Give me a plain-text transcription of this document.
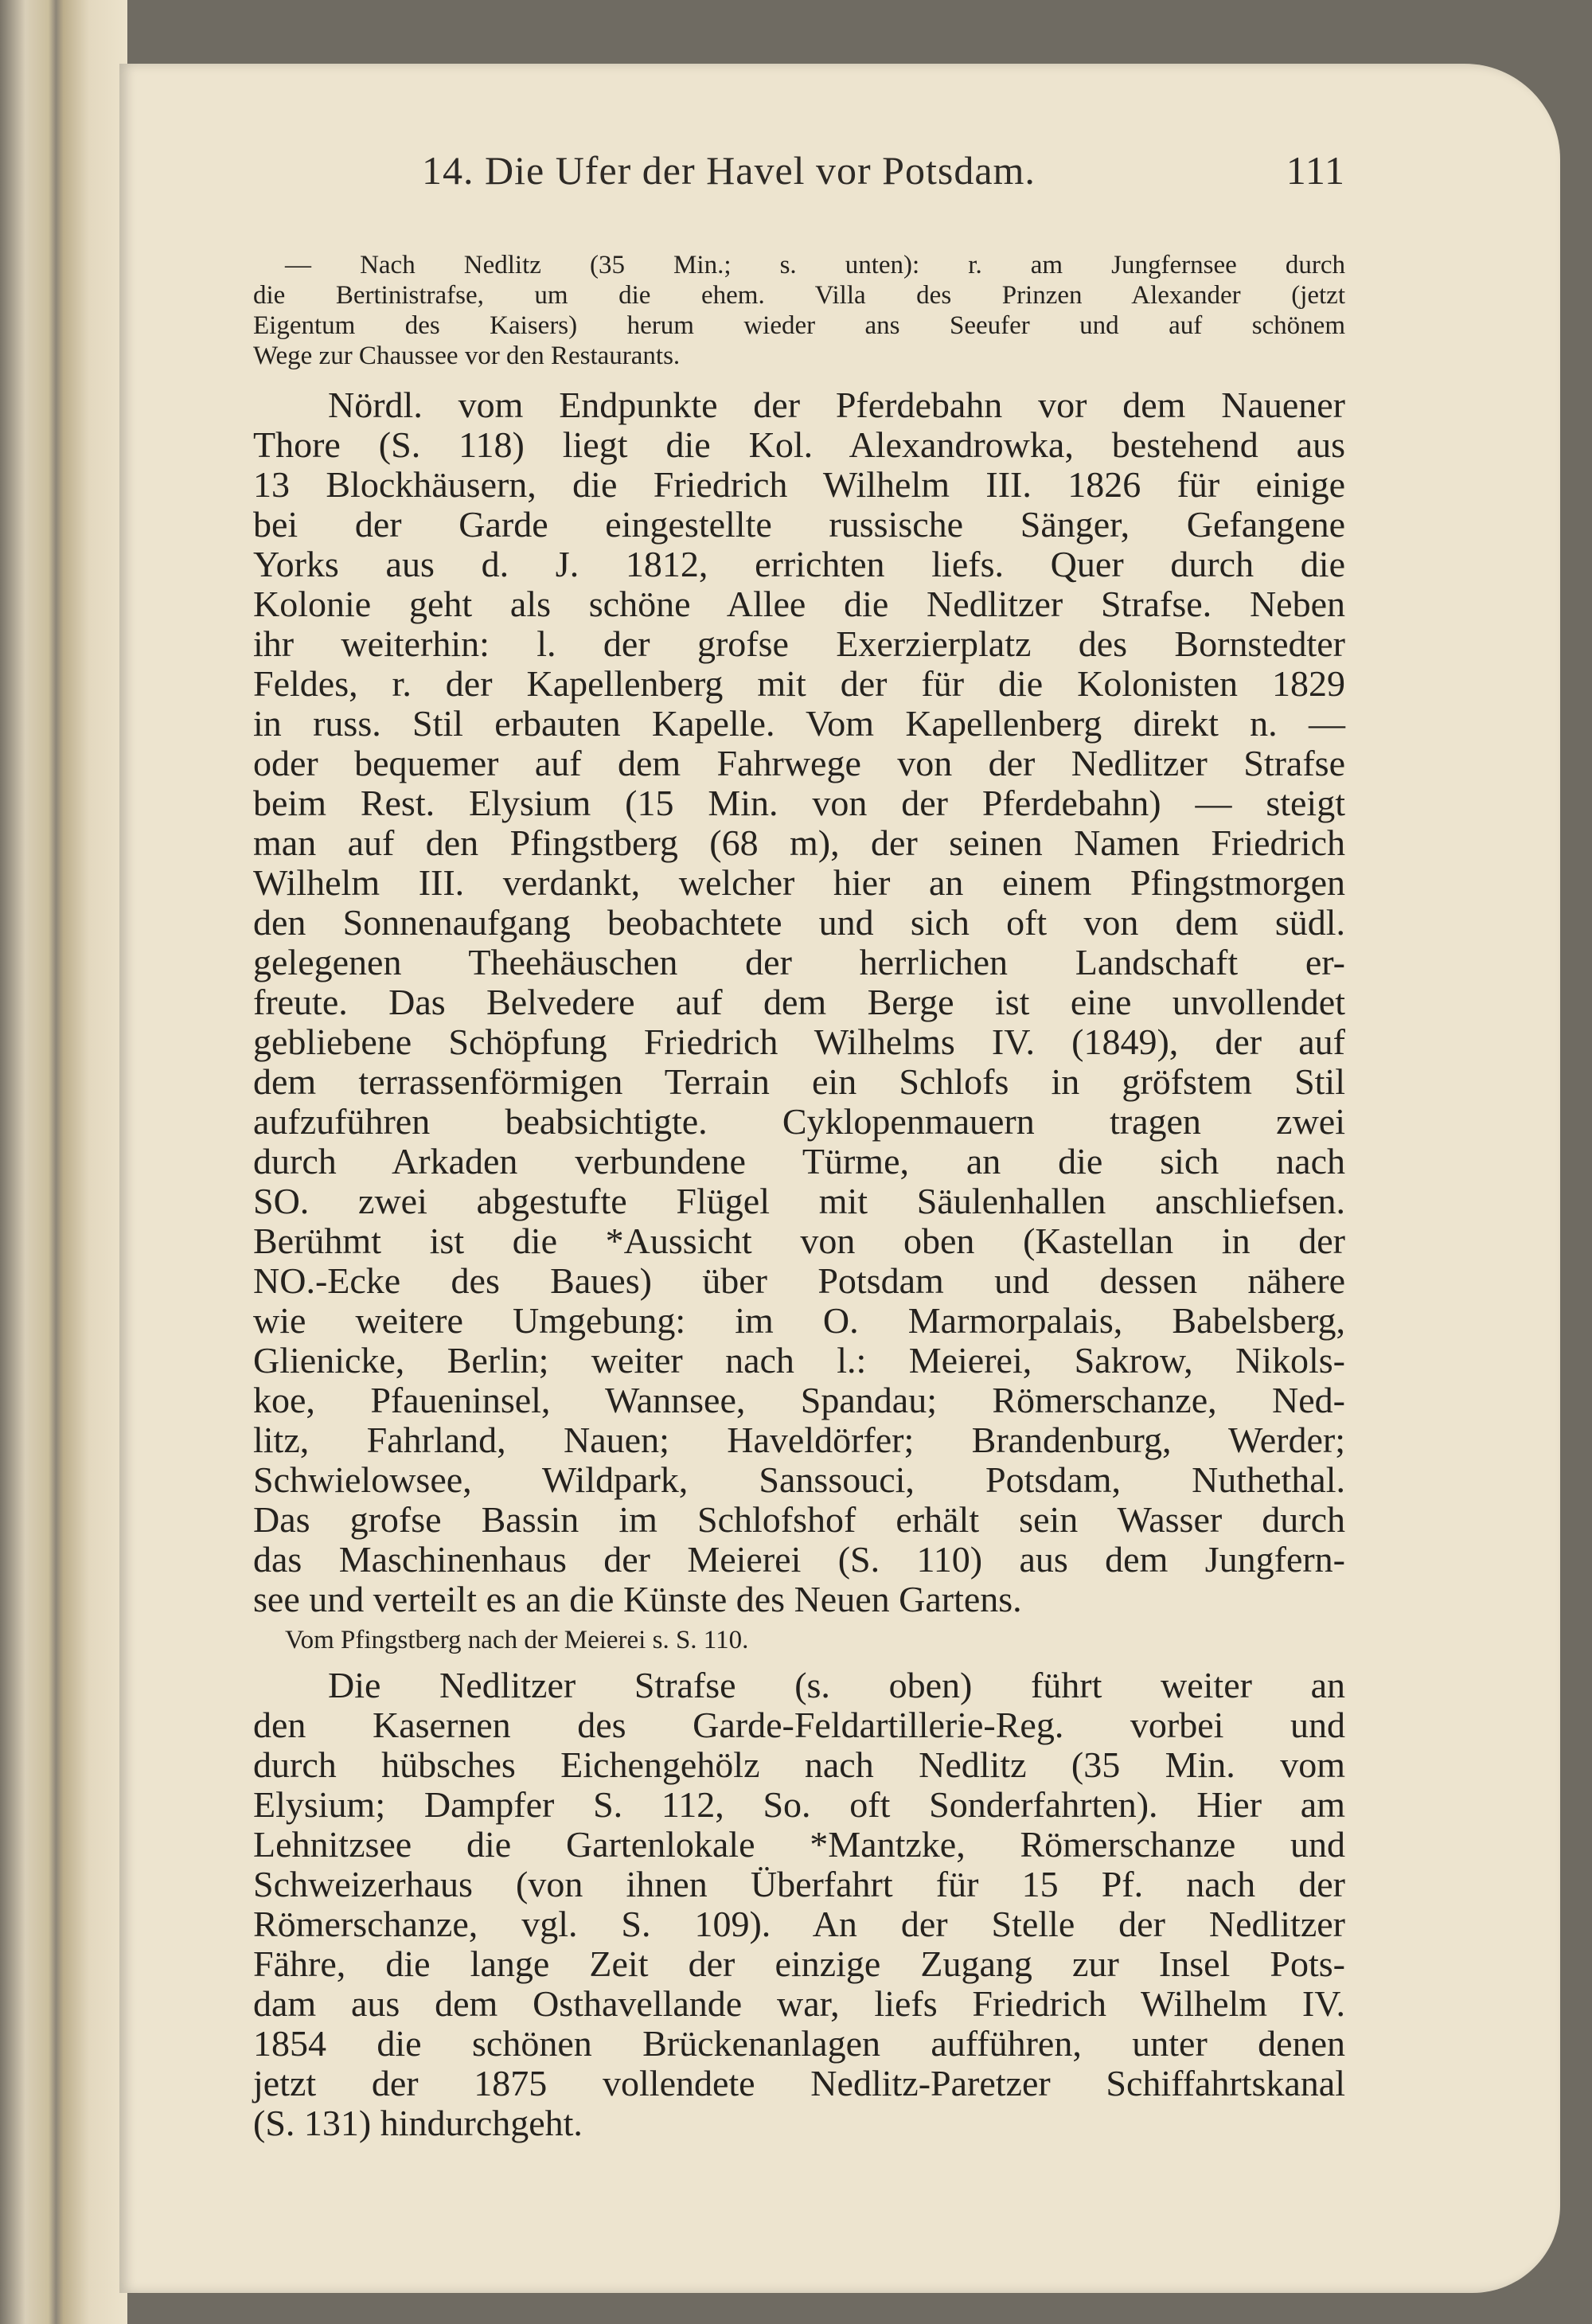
14. Die Ufer der Havel vor Potsdam.	111
— Nach Nedlitz (35 Min.; s. unten): r. am Jungfernsee durch
die Bertinistrafse, um die ehem. Villa des Prinzen Alexander (jetzt
Eigentum des Kaisers) herum wieder ans Seeufer und auf schönem
Wege zur Chaussee vor den Restaurants.
Nördl. vom Endpunkte der Pferdebahn vor dem Nauener
Thore (S. 118) liegt die Kol. Alexandrowka, bestehend aus
13 Blockhäusern, die Friedrich Wilhelm III. 1826 für einige
bei der Garde eingestellte russische Sänger, Gefangene
Yorks aus d. J. 1812, errichten liefs. Quer durch die
Kolonie geht als schöne Allee die Nedlitzer Strafse. Neben
ihr weiterhin: l. der grofse Exerzierplatz des Bornstedter
Feldes, r. der Kapellenberg mit der für die Kolonisten 1829
in russ. Stil erbauten Kapelle. Vom Kapellenberg direkt n. —
oder bequemer auf dem Fahrwege von der Nedlitzer Strafse
beim Rest. Elysium (15 Min. von der Pferdebahn) — steigt
man auf den Pfingstberg (68 m), der seinen Namen Friedrich
Wilhelm III. verdankt, welcher hier an einem Pfingstmorgen
den Sonnenaufgang beobachtete und sich oft von dem südl.
gelegenen Theehäuschen der herrlichen Landschaft er-
freute. Das Belvedere auf dem Berge ist eine unvollendet
gebliebene Schöpfung Friedrich Wilhelms IV. (1849), der auf
dem terrassenförmigen Terrain ein Schlofs in gröfstem Stil
aufzuführen beabsichtigte. Cyklopenmauern tragen zwei
durch Arkaden verbundene Türme, an die sich nach
SO. zwei abgestufte Flügel mit Säulenhallen anschliefsen.
Berühmt ist die *Aussicht von oben (Kastellan in der
NO.-Ecke des Baues) über Potsdam und dessen nähere
wie weitere Umgebung: im O. Marmorpalais, Babelsberg,
Glienicke, Berlin; weiter nach l.: Meierei, Sakrow, Nikols-
koe, Pfaueninsel, Wannsee, Spandau; Römerschanze, Ned-
litz, Fahrland, Nauen; Haveldörfer; Brandenburg, Werder;
Schwielowsee, Wildpark, Sanssouci, Potsdam, Nuthethal.
Das grofse Bassin im Schlofshof erhält sein Wasser durch
das Maschinenhaus der Meierei (S. 110) aus dem Jungfern-
see und verteilt es an die Künste des Neuen Gartens.
Vom Pfingstberg nach der Meierei s. S. 110.
Die Nedlitzer Strafse (s. oben) führt weiter an
den Kasernen des Garde-Feldartillerie-Reg. vorbei und
durch hübsches Eichengehölz nach Nedlitz (35 Min. vom
Elysium; Dampfer S. 112, So. oft Sonderfahrten). Hier am
Lehnitzsee die Gartenlokale *Mantzke, Römerschanze und
Schweizerhaus (von ihnen Überfahrt für 15 Pf. nach der
Römerschanze, vgl. S. 109). An der Stelle der Nedlitzer
Fähre, die lange Zeit der einzige Zugang zur Insel Pots-
dam aus dem Osthavellande war, liefs Friedrich Wilhelm IV.
1854 die schönen Brückenanlagen aufführen, unter denen
jetzt der 1875 vollendete Nedlitz-Paretzer Schiffahrtskanal
(S. 131) hindurchgeht.
